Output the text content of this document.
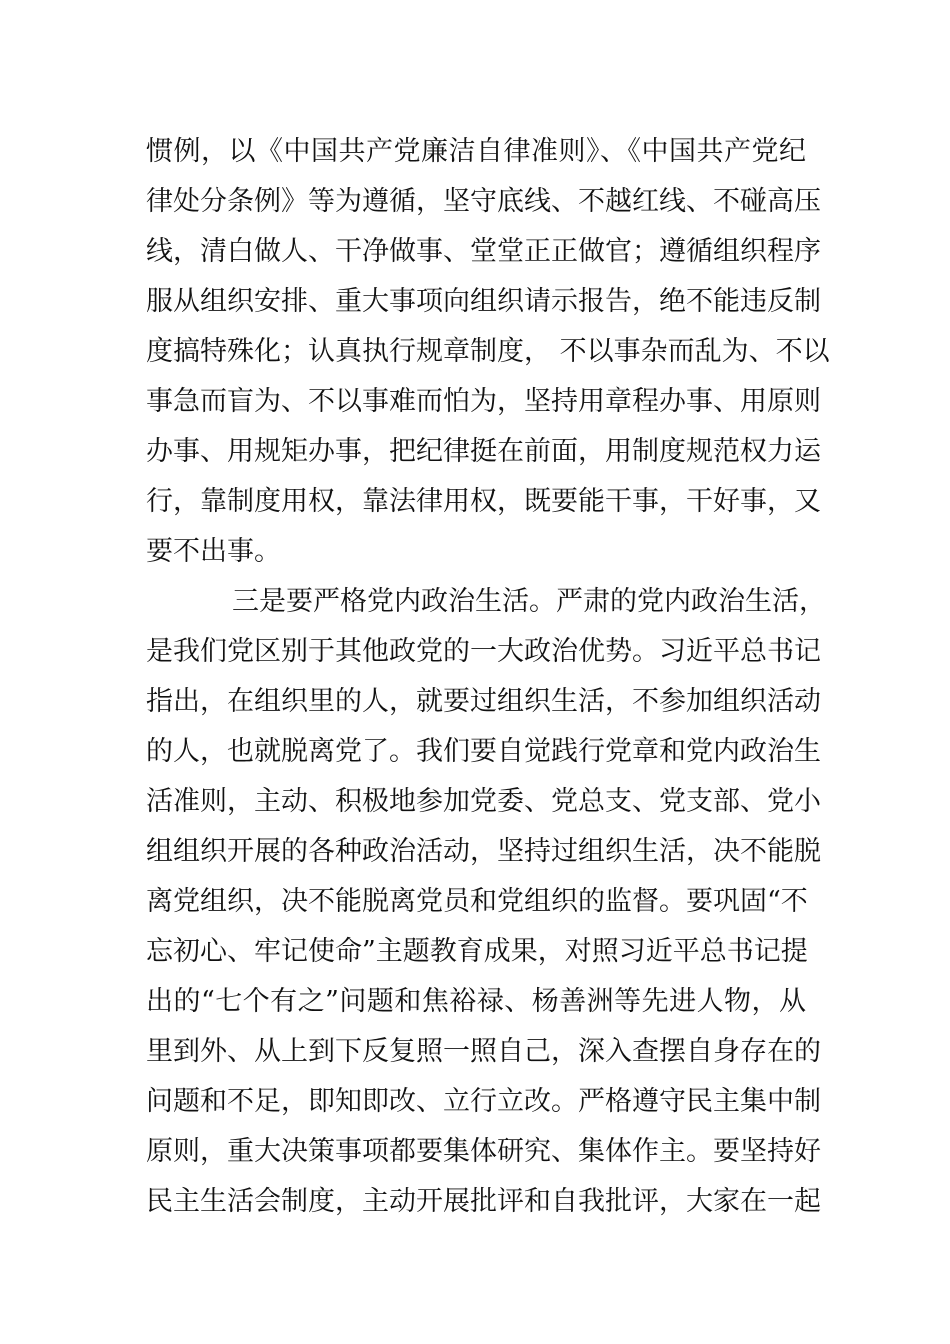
惯例，以《中国共产党廉洁自律准则》、《中国共产党纪
律处分条例》等为遵循，坚守底线、不越红线、不碰高压
线，清白做人、干净做事、堂堂正正做官；遵循组织程序
服从组织安排、重大事项向组织请示报告，绝不能违反制
度搞特殊化；认真执行规章制度， 不以事杂而乱为、不以
事急而盲为、不以事难而怕为，坚持用章程办事、用原则
办事、用规矩办事，把纪律挺在前面，用制度规范权力运
行，靠制度用权，靠法律用权，既要能干事，干好事，又
要不出事。
三是要严格党内政治生活。严肃的党内政治生活，
是我们党区别于其他政党的一大政治优势。习近平总书记
指出，在组织里的人，就要过组织生活，不参加组织活动
的人，也就脱离党了。我们要自觉践行党章和党内政治生
活准则，主动、积极地参加党委、党总支、党支部、党小
组组织开展的各种政治活动，坚持过组织生活，决不能脱
离党组织，决不能脱离党员和党组织的监督。要巩固“不
忘初心、牢记使命”主题教育成果，对照习近平总书记提
出的“七个有之”问题和焦裕禄、杨善洲等先进人物，从
里到外、从上到下反复照一照自己，深入查摆自身存在的
问题和不足，即知即改、立行立改。严格遵守民主集中制
原则，重大决策事项都要集体研究、集体作主。要坚持好
民主生活会制度，主动开展批评和自我批评，大家在一起
